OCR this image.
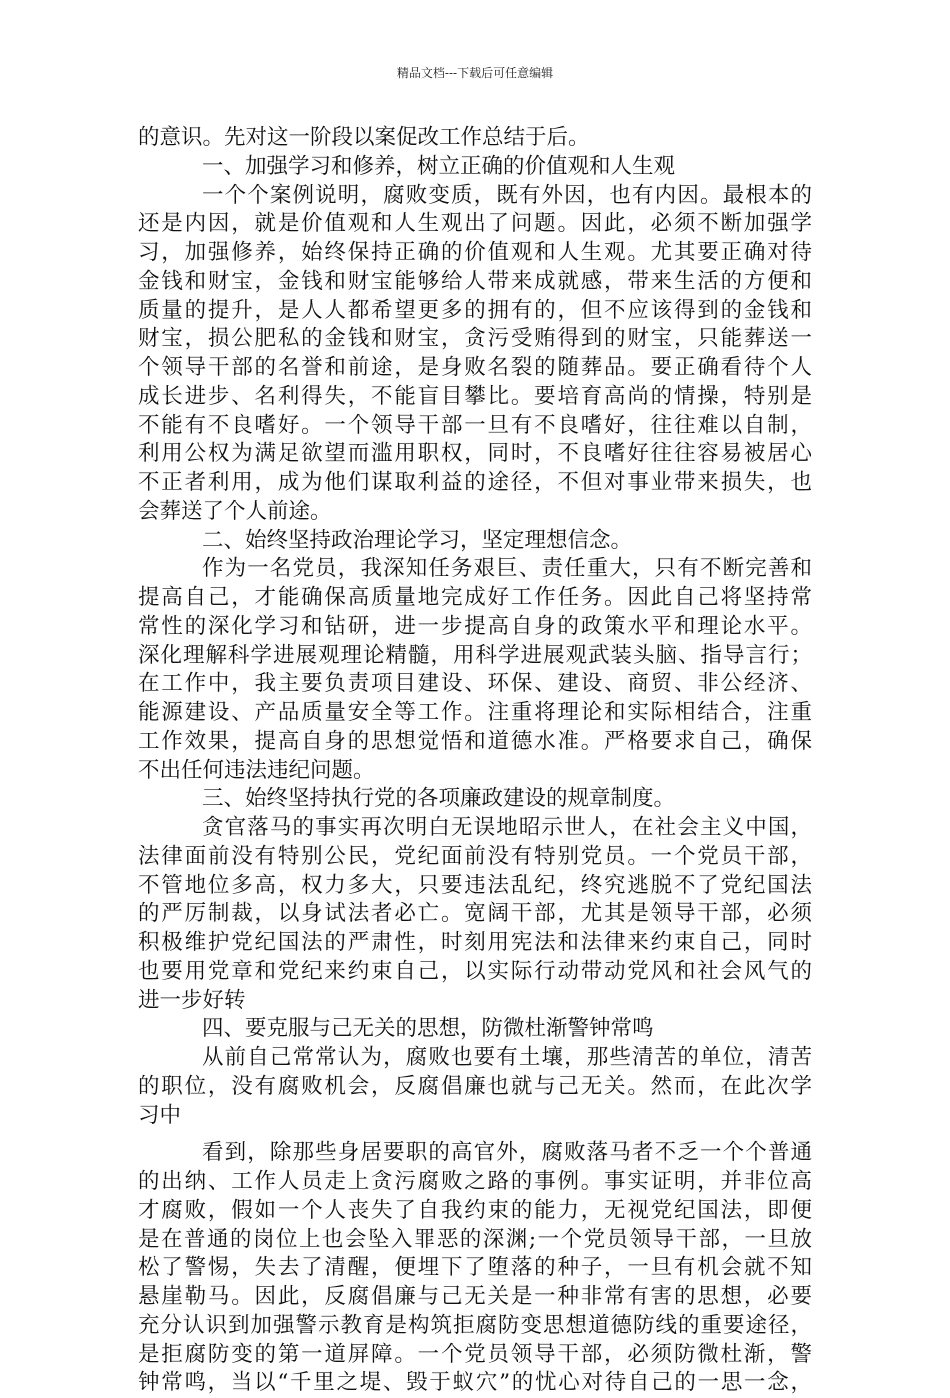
精品文档---下载后可任意编辑
的意识。先对这一阶段以案促改工作总结于后。
一、加强学习和修养，树立正确的价值观和人生观
一个个案例说明，腐败变质，既有外因，也有内因。最根本的
还是内因，就是价值观和人生观出了问题。因此，必须不断加强学
习，加强修养，始终保持正确的价值观和人生观。尤其要正确对待
金钱和财宝，金钱和财宝能够给人带来成就感，带来生活的方便和
质量的提升，是人人都希望更多的拥有的，但不应该得到的金钱和
财宝，损公肥私的金钱和财宝，贪污受贿得到的财宝，只能葬送一
个领导干部的名誉和前途，是身败名裂的随葬品。要正确看待个人
成长进步、名利得失，不能盲目攀比。要培育高尚的情操，特别是
不能有不良嗜好。一个领导干部一旦有不良嗜好，往往难以自制，
利用公权为满足欲望而滥用职权，同时，不良嗜好往往容易被居心
不正者利用，成为他们谋取利益的途径，不但对事业带来损失，也
会葬送了个人前途。
二、始终坚持政治理论学习，坚定理想信念。
作为一名党员，我深知任务艰巨、责任重大，只有不断完善和
提高自己，才能确保高质量地完成好工作任务。因此自己将坚持常
常性的深化学习和钻研，进一步提高自身的政策水平和理论水平。
深化理解科学进展观理论精髓，用科学进展观武装头脑、指导言行；
在工作中，我主要负责项目建设、环保、建设、商贸、非公经济、
能源建设、产品质量安全等工作。注重将理论和实际相结合，注重
工作效果，提高自身的思想觉悟和道德水准。严格要求自己，确保
不出任何违法违纪问题。
三、始终坚持执行党的各项廉政建设的规章制度。
贪官落马的事实再次明白无误地昭示世人，在社会主义中国，
法律面前没有特别公民，党纪面前没有特别党员。一个党员干部，
不管地位多高，权力多大，只要违法乱纪，终究逃脱不了党纪国法
的严厉制裁，以身试法者必亡。宽阔干部，尤其是领导干部，必须
积极维护党纪国法的严肃性，时刻用宪法和法律来约束自己，同时
也要用党章和党纪来约束自己，以实际行动带动党风和社会风气的
进一步好转
四、要克服与己无关的思想，防微杜渐警钟常鸣
从前自己常常认为，腐败也要有土壤，那些清苦的单位，清苦
的职位，没有腐败机会，反腐倡廉也就与己无关。然而，在此次学
习中
看到，除那些身居要职的高官外，腐败落马者不乏一个个普通
的出纳、工作人员走上贪污腐败之路的事例。事实证明，并非位高
才腐败，假如一个人丧失了自我约束的能力，无视党纪国法，即便
是在普通的岗位上也会坠入罪恶的深渊;一个党员领导干部，一旦放
松了警惕，失去了清醒，便埋下了堕落的种子，一旦有机会就不知
悬崖勒马。因此，反腐倡廉与己无关是一种非常有害的思想，必要
充分认识到加强警示教育是构筑拒腐防变思想道德防线的重要途径，
是拒腐防变的第一道屏障。一个党员领导干部，必须防微杜渐，警
钟常鸣，当以“千里之堤、毁于蚁穴”的忧心对待自己的一思一念，
